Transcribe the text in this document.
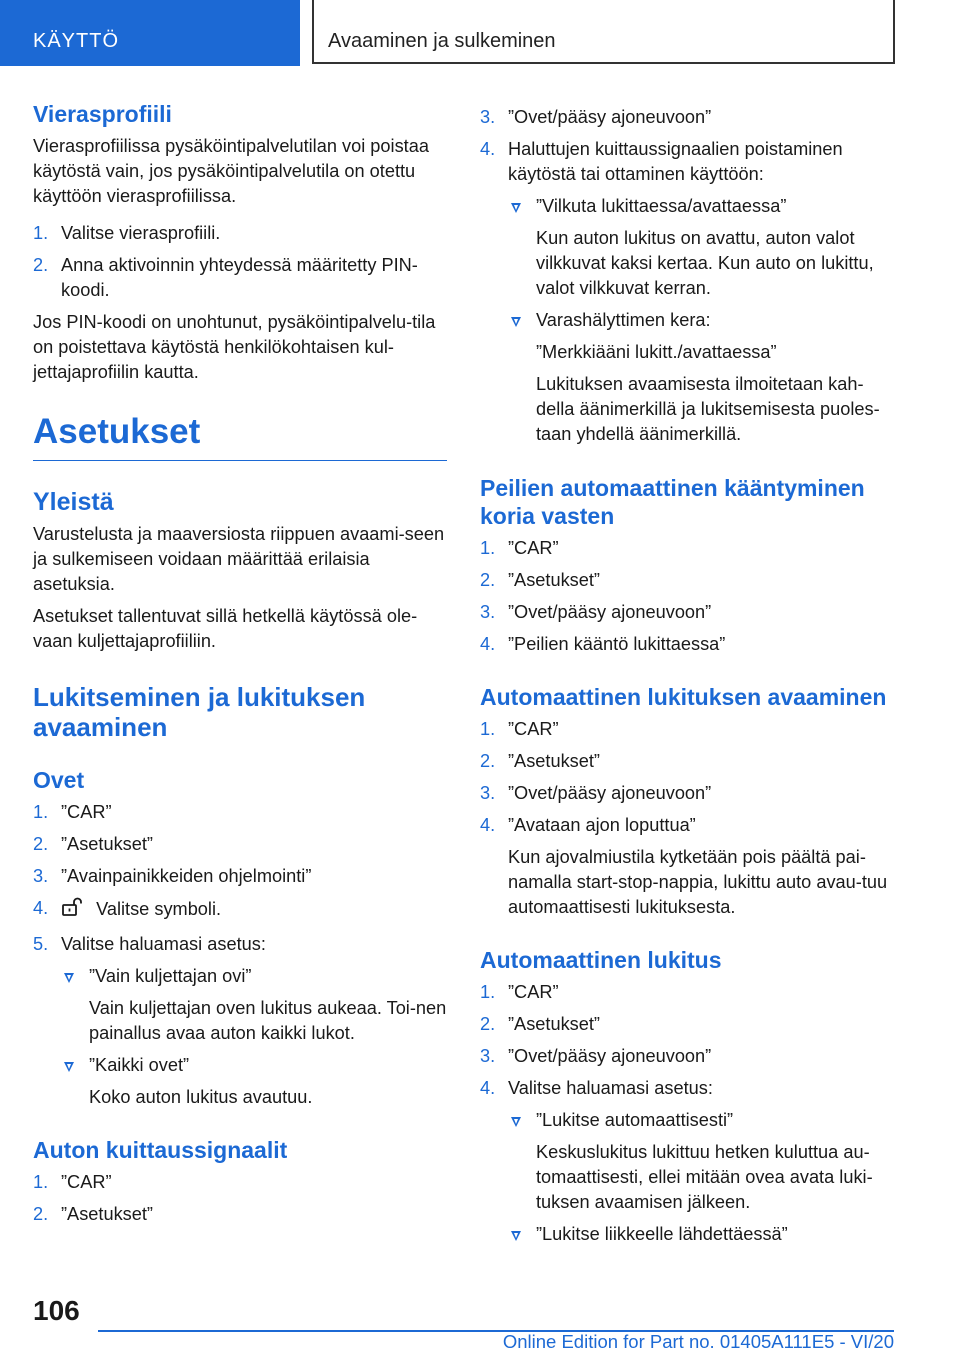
KÄYTTÖ	Avaaminen ja sulkeminen
Vierasprofiili

Vierasprofiilissa pysäköintipalvelutilan voi poistaa käytöstä vain, jos pysäköintipalvelutila on otettu käyttöön vierasprofiilissa.

1. Valitse vierasprofiili.
2. Anna aktivoinnin yhteydessä määritetty PIN-koodi.

Jos PIN-koodi on unohtunut, pysäköintipalvelu-tila on poistettava käytöstä henkilökohtaisen kul-jettajaprofiilin kautta.

Asetukset
Yleistä

Varustelusta ja maaversiosta riippuen avaami-seen ja sulkemiseen voidaan määrittää erilaisia asetuksia.

Asetukset tallentuvat sillä hetkellä käytössä ole-vaan kuljettajaprofiiliin.

Lukitseminen ja lukituksen avaaminen
Ovet
1. ”CAR”
2. ”Asetukset”
3. ”Avainpainikkeiden ohjelmointi”
4.	Valitse symboli.
5. Valitse haluamasi asetus:
”Vain kuljettajan ovi”

Vain kuljettajan oven lukitus aukeaa. Toi-nen painallus avaa auton kaikki lukot.

”Kaikki ovet”

Koko auton lukitus avautuu.

Auton kuittaussignaalit
1. ”CAR”
2. ”Asetukset”
3. ”Ovet/pääsy ajoneuvoon”
4. Haluttujen kuittaussignaalien poistaminen käytöstä tai ottaminen käyttöön:
”Vilkuta lukittaessa/avattaessa”

Kun auton lukitus on avattu, auton valot vilkkuvat kaksi kertaa. Kun auto on lukittu, valot vilkkuvat kerran.

Varashälyttimen kera:

”Merkkiääni lukitt./avattaessa”

Lukituksen avaamisesta ilmoitetaan kah-della äänimerkillä ja lukitsemisesta puoles-taan yhdellä äänimerkillä.

Peilien automaattinen kääntyminen koria vasten
1. ”CAR”
2. ”Asetukset”
3. ”Ovet/pääsy ajoneuvoon”
4. ”Peilien kääntö lukittaessa”
Automaattinen lukituksen avaaminen
1. ”CAR”
2. ”Asetukset”
3. ”Ovet/pääsy ajoneuvoon”
4. ”Avataan ajon loputtua”

Kun ajovalmiustila kytketään pois päältä pai-namalla start-stop-nappia, lukittu auto avau-tuu automaattisesti lukituksesta.

Automaattinen lukitus
1. ”CAR”
2. ”Asetukset”
3. ”Ovet/pääsy ajoneuvoon”
4. Valitse haluamasi asetus:
”Lukitse automaattisesti”

Keskuslukitus lukittuu hetken kuluttua au-tomaattisesti, ellei mitään ovea avata luki-tuksen avaamisen jälkeen.

”Lukitse liikkeelle lähdettäessä”
106
Online Edition for Part no. 01405A111E5 - VI/20
